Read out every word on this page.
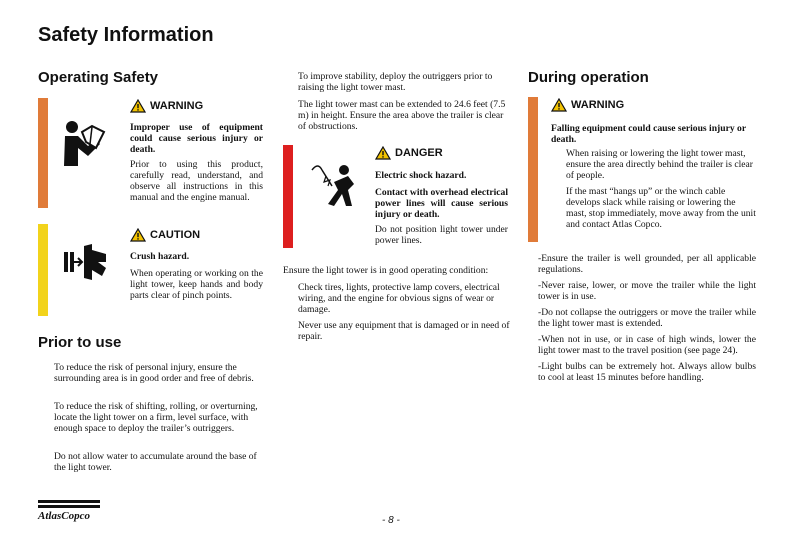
Safety Information
Operating Safety
WARNING

Improper use of equipment could cause serious injury or death.

Prior to using this product, carefully read, understand, and observe all instructions in this manual and the engine manual.

CAUTION

Crush hazard.

When operating or working on the light tower, keep hands and body parts clear of pinch points.

Prior to use

To reduce the risk of personal injury, ensure the surrounding area is in good order and free of debris.

To reduce the risk of shifting, rolling, or overturning, locate the light tower on a firm, level surface, with enough space to deploy the trailer’s outriggers.

Do not allow water to accumulate around the base of the light tower.

To improve stability, deploy the outriggers prior to raising the light tower mast.

The light tower mast can be extended to 24.6 feet (7.5 m) in height. Ensure the area above the trailer is clear of obstructions.

DANGER

Electric shock hazard.

Contact with overhead electrical power lines will cause serious injury or death.

Do not position light tower under power lines.

Ensure the light tower is in good operating condition:

Check tires, lights, protective lamp covers, electrical wiring, and the engine for obvious signs of wear or damage.

Never use any equipment that is damaged or in need of repair.

During operation
WARNING

Falling equipment could cause serious injury or death.

When raising or lowering the light tower mast, ensure the area directly behind the trailer is clear of people.

If the mast “hangs up” or the winch cable develops slack while raising or lowering the mast, stop immediately, move away from the unit and contact Atlas Copco.

-Ensure the trailer is well grounded, per all applicable regulations.

-Never raise, lower, or move the trailer while the light tower is in use.

-Do not collapse the outriggers or move the trailer while the light tower mast is extended.

-When not in use, or in case of high winds, lower the light tower mast to the travel position (see page 24).

-Light bulbs can be extremely hot. Always allow bulbs to cool at least 15 minutes before handling.

AtlasCopco	- 8 -
